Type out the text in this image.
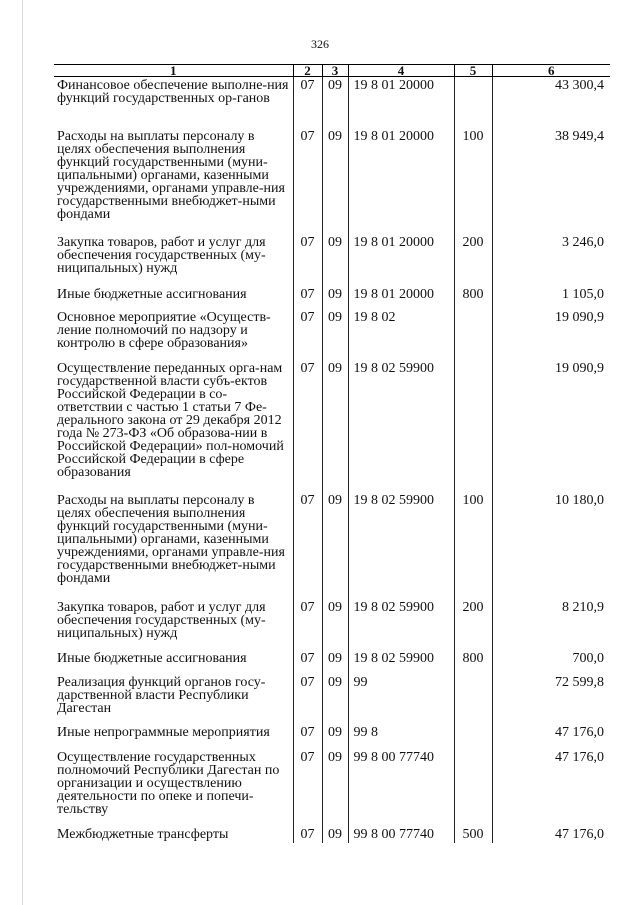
326
1	2	3	4	5	6
Финансовое обеспечение выполне-ния функций государственных ор-ганов	07	09	19 8 01 20000		43 300,4
Расходы на выплаты персоналу в целях обеспечения выполнения функций государственными (муни-ципальными) органами, казенными учреждениями, органами управле-ния государственными внебюджет-ными фондами	07	09	19 8 01 20000	100	38 949,4
Закупка товаров, работ и услуг для обеспечения государственных (му-ниципальных) нужд	07	09	19 8 01 20000	200	3 246,0
Иные бюджетные ассигнования	07	09	19 8 01 20000	800	1 105,0
Основное мероприятие «Осуществ-ление полномочий по надзору и контролю в сфере образования»	07	09	19 8 02		19 090,9
Осуществление переданных орга-нам государственной власти субъ-ектов Российской Федерации в со-ответствии с частью 1 статьи 7 Фе-дерального закона от 29 декабря 2012 года № 273-ФЗ «Об образова-нии в Российской Федерации» пол-номочий Российской Федерации в сфере образования	07	09	19 8 02 59900		19 090,9
Расходы на выплаты персоналу в целях обеспечения выполнения функций государственными (муни-ципальными) органами, казенными учреждениями, органами управле-ния государственными внебюджет-ными фондами	07	09	19 8 02 59900	100	10 180,0
Закупка товаров, работ и услуг для обеспечения государственных (му-ниципальных) нужд	07	09	19 8 02 59900	200	8 210,9
Иные бюджетные ассигнования	07	09	19 8 02 59900	800	700,0
Реализация функций органов госу-дарственной власти Республики Дагестан	07	09	99		72 599,8
Иные непрограммные мероприятия	07	09	99 8		47 176,0
Осуществление государственных полномочий Республики Дагестан по организации и осуществлению деятельности по опеке и попечи-тельству	07	09	99 8 00 77740		47 176,0
Межбюджетные трансферты	07	09	99 8 00 77740	500	47 176,0
